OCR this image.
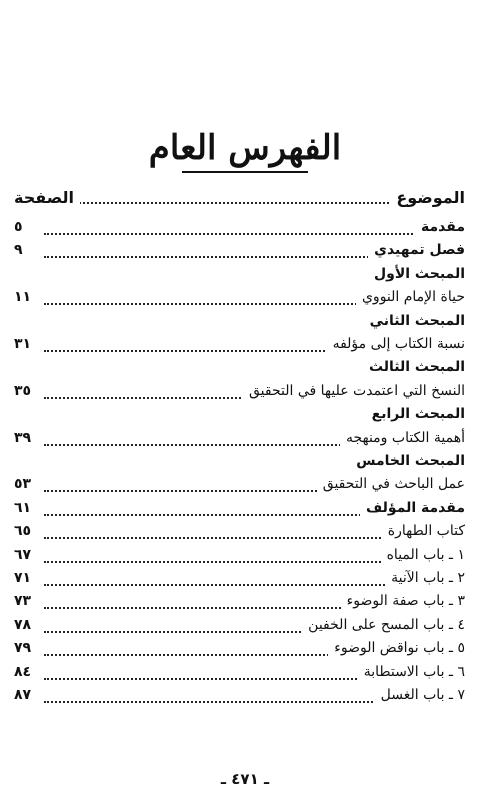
الفهرس العام
الموضوع
الصفحة
مقدمة
٥
فصل تمهيدي
٩
المبحث الأول
حياة الإمام النووي
١١
المبحث الثاني
نسبة الكتاب إلى مؤلفه
٣١
المبحث الثالث
النسخ التي اعتمدت عليها في التحقيق
٣٥
المبحث الرابع
أهمية الكتاب ومنهجه
٣٩
المبحث الخامس
عمل الباحث في التحقيق
٥٣
مقدمة المؤلف
٦١
كتاب الطهارة
٦٥
١ ـ باب المياه
٦٧
٢ ـ باب الآنية
٧١
٣ ـ باب صفة الوضوء
٧٣
٤ ـ باب المسح على الخفين
٧٨
٥ ـ باب نواقض الوضوء
٧٩
٦ ـ باب الاستطابة
٨٤
٧ ـ باب الغسل
٨٧
ـ ٤٧١ ـ
